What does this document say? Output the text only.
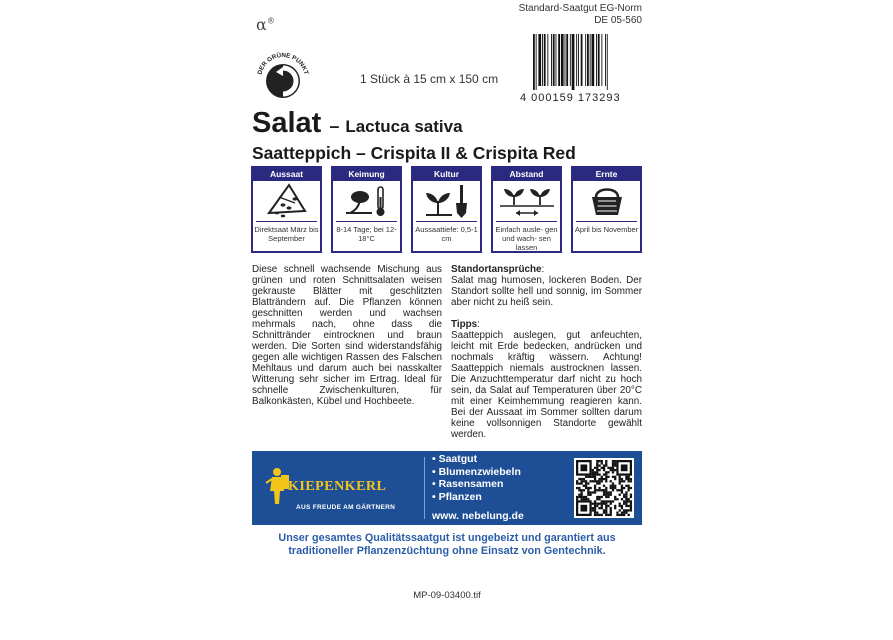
α®
DER GRÜNE PUNKT	1 Stück à 15 cm x 150 cm
Standard-Saatgut EG-Norm
DE 05-560
4 000159 173293
Salat – Lactuca sativa
Saatteppich – Crispita II & Crispita Red
Aussaat
Direktsaat März bis September
Keimung
8-14 Tage; bei 12-18°C
Kultur
Aussaattiefe: 0,5-1 cm
Abstand
Einfach ausle- gen und wach- sen lassen
Ernte
April bis November
Diese schnell wachsende Mischung aus grünen und roten Schnittsalaten weisen gekrauste Blätter mit geschlitzten Blatträndern auf. Die Pflanzen können geschnitten werden und wachsen mehrmals nach, ohne dass die Schnittränder eintrocknen und braun werden. Die Sorten sind widerstandsfähig gegen alle wichtigen Rassen des Falschen Mehltaus und darum auch bei nasskalter Witterung sehr sicher im Ertrag. Ideal für schnelle Zwischenkulturen, für Balkonkästen, Kübel und Hochbeete.
Standortansprüche:
Salat mag humosen, lockeren Boden. Der Standort sollte hell und sonnig, im Sommer aber nicht zu heiß sein.
Tipps:
Saatteppich auslegen, gut anfeuchten, leicht mit Erde bedecken, andrücken und nochmals kräftig wässern. Achtung! Saatteppich niemals austrocknen lassen. Die Anzuchttemperatur darf nicht zu hoch sein, da Salat auf Temperaturen über 20°C mit einer Keimhemmung reagieren kann. Bei der Aussaat im Sommer sollten darum keine vollsonnigen Standorte gewählt werden.
KIEPENKERL
AUS FREUDE AM GÄRTNERN
• Saatgut
• Blumenzwiebeln
• Rasensamen
• Pflanzen
www. nebelung.de
Unser gesamtes Qualitätssaatgut ist ungebeizt und garantiert aus traditioneller Pflanzenzüchtung ohne Einsatz von Gentechnik.
MP-09-03400.tif
